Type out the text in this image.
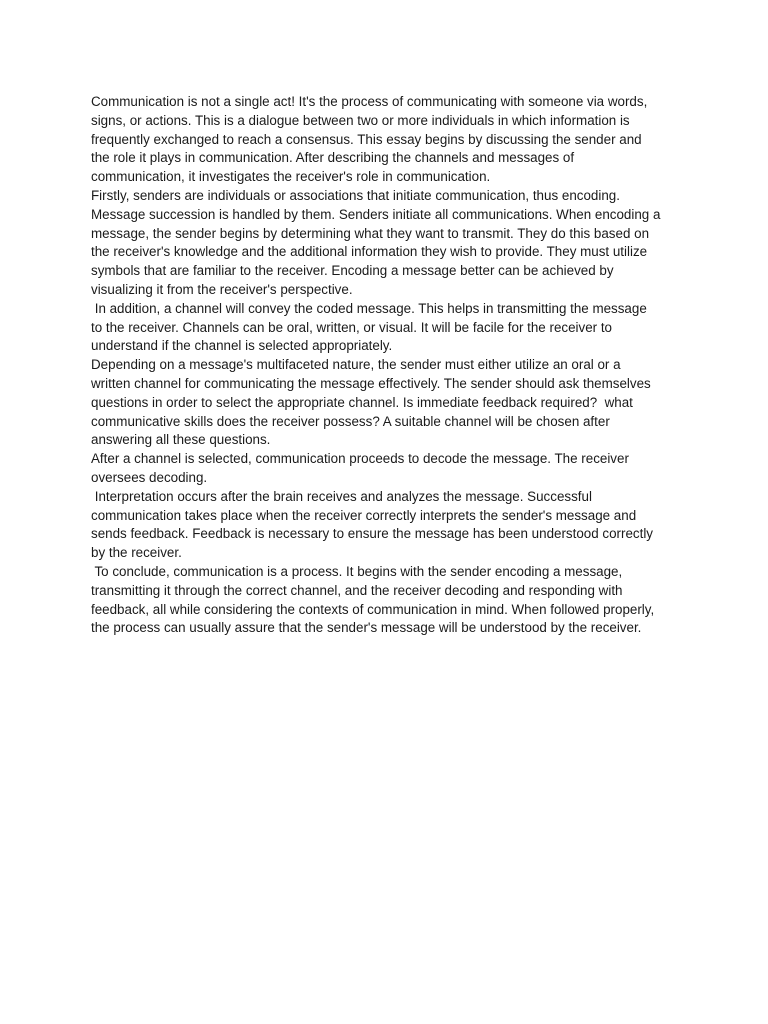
Communication is not a single act! It's the process of communicating with someone via words,
signs, or actions. This is a dialogue between two or more individuals in which information is
frequently exchanged to reach a consensus. This essay begins by discussing the sender and
the role it plays in communication. After describing the channels and messages of
communication, it investigates the receiver's role in communication.
Firstly, senders are individuals or associations that initiate communication, thus encoding.
Message succession is handled by them. Senders initiate all communications. When encoding a
message, the sender begins by determining what they want to transmit. They do this based on
the receiver's knowledge and the additional information they wish to provide. They must utilize
symbols that are familiar to the receiver. Encoding a message better can be achieved by
visualizing it from the receiver's perspective.
In addition, a channel will convey the coded message. This helps in transmitting the message
to the receiver. Channels can be oral, written, or visual. It will be facile for the receiver to
understand if the channel is selected appropriately.
Depending on a message's multifaceted nature, the sender must either utilize an oral or a
written channel for communicating the message effectively. The sender should ask themselves
questions in order to select the appropriate channel. Is immediate feedback required?  what
communicative skills does the receiver possess? A suitable channel will be chosen after
answering all these questions.
After a channel is selected, communication proceeds to decode the message. The receiver
oversees decoding.
Interpretation occurs after the brain receives and analyzes the message. Successful
communication takes place when the receiver correctly interprets the sender's message and
sends feedback. Feedback is necessary to ensure the message has been understood correctly
by the receiver.
To conclude, communication is a process. It begins with the sender encoding a message,
transmitting it through the correct channel, and the receiver decoding and responding with
feedback, all while considering the contexts of communication in mind. When followed properly,
the process can usually assure that the sender's message will be understood by the receiver.
